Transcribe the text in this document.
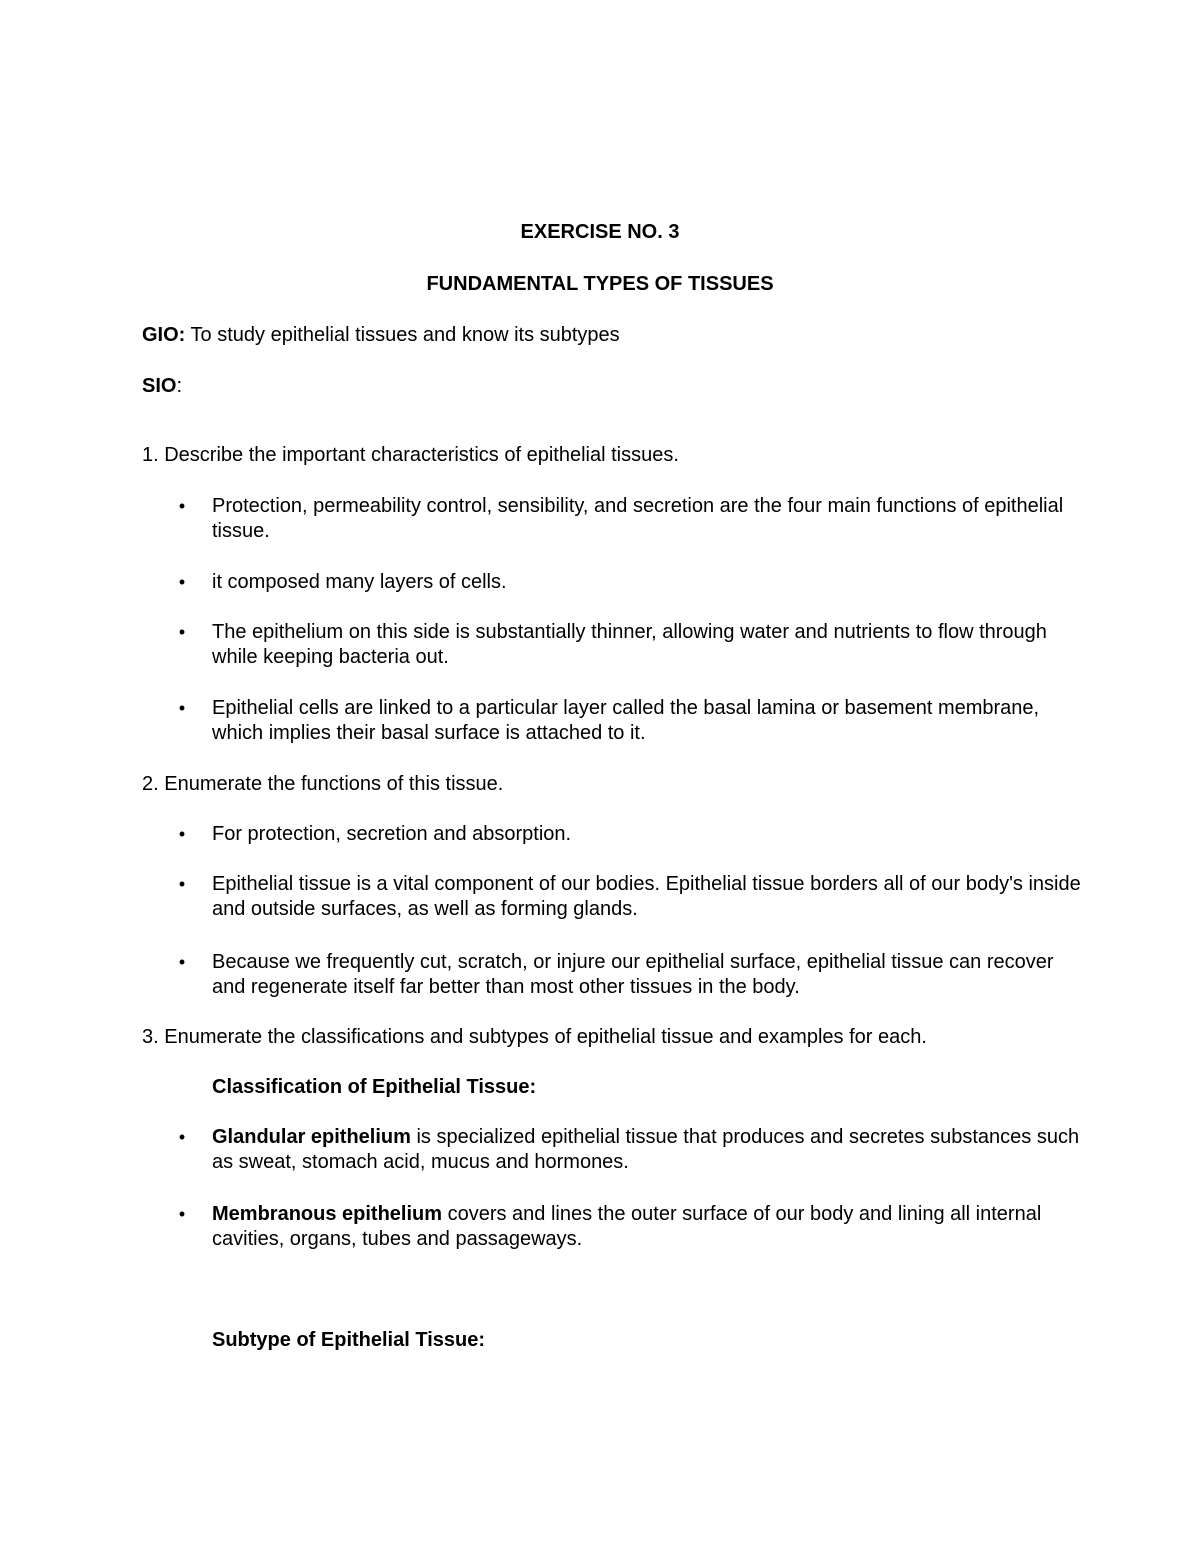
EXERCISE NO. 3
FUNDAMENTAL TYPES OF TISSUES
GIO: To study epithelial tissues and know its subtypes
SIO:
1. Describe the important characteristics of epithelial tissues.
• Protection, permeability control, sensibility, and secretion are the four main functions of epithelial tissue.
• it composed many layers of cells.
• The epithelium on this side is substantially thinner, allowing water and nutrients to flow through while keeping bacteria out.
• Epithelial cells are linked to a particular layer called the basal lamina or basement membrane, which implies their basal surface is attached to it.
2. Enumerate the functions of this tissue.
• For protection, secretion and absorption.
• Epithelial tissue is a vital component of our bodies. Epithelial tissue borders all of our body's inside and outside surfaces, as well as forming glands.
• Because we frequently cut, scratch, or injure our epithelial surface, epithelial tissue can recover and regenerate itself far better than most other tissues in the body.
3. Enumerate the classifications and subtypes of epithelial tissue and examples for each.
Classification of Epithelial Tissue:
• Glandular epithelium is specialized epithelial tissue that produces and secretes substances such as sweat, stomach acid, mucus and hormones.
• Membranous epithelium covers and lines the outer surface of our body and lining all internal cavities, organs, tubes and passageways.
Subtype of Epithelial Tissue:
